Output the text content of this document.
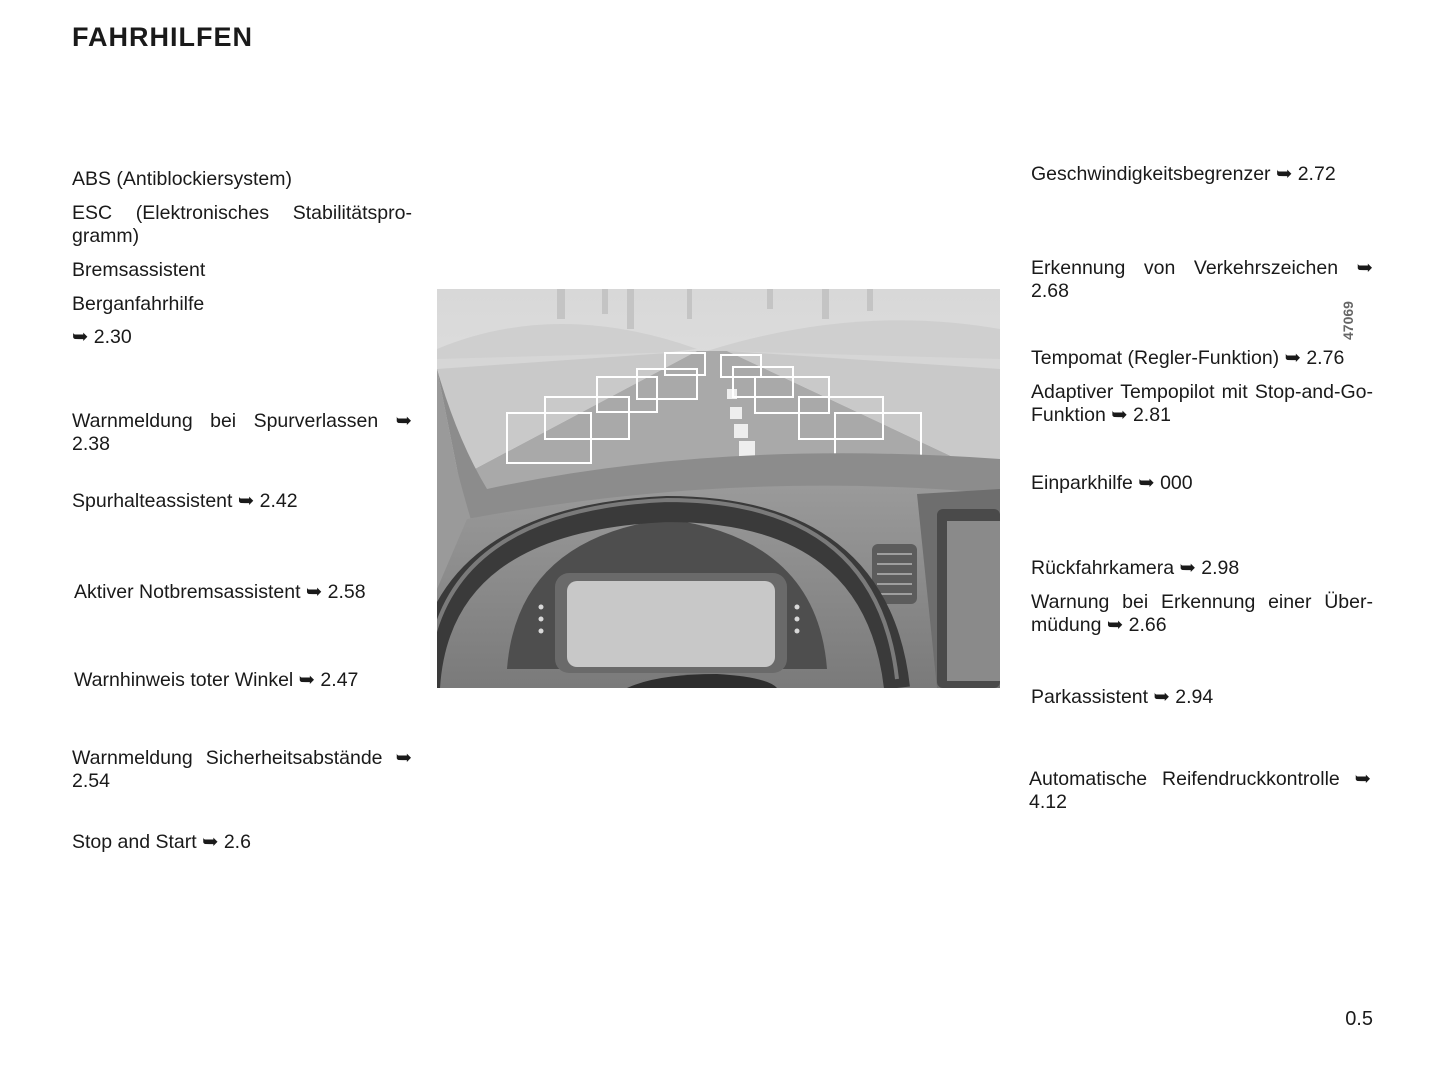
FAHRHILFEN

ABS (Antiblockiersystem)

ESC (Elektronisches Stabilitätsprogramm)

Bremsassistent

Berganfahrhilfe

➥ 2.30

Warnmeldung bei Spurverlassen ➥ 2.38

Spurhalteassistent ➥ 2.42

Aktiver Notbremsassistent ➥ 2.58

Warnhinweis toter Winkel ➥ 2.47

Warnmeldung Sicherheitsabstände ➥ 2.54

Stop and Start ➥ 2.6

Geschwindigkeitsbegrenzer ➥ 2.72

Erkennung von Verkehrszeichen ➥ 2.68

Tempomat (Regler-Funktion) ➥ 2.76

Adaptiver Tempopilot mit Stop-and-Go-Funktion ➥ 2.81

Einparkhilfe ➥ 000

Rückfahrkamera ➥ 2.98

Warnung bei Erkennung einer Übermüdung ➥ 2.66

Parkassistent ➥ 2.94

Automatische Reifendruckkontrolle ➥ 4.12

47069
0.5
